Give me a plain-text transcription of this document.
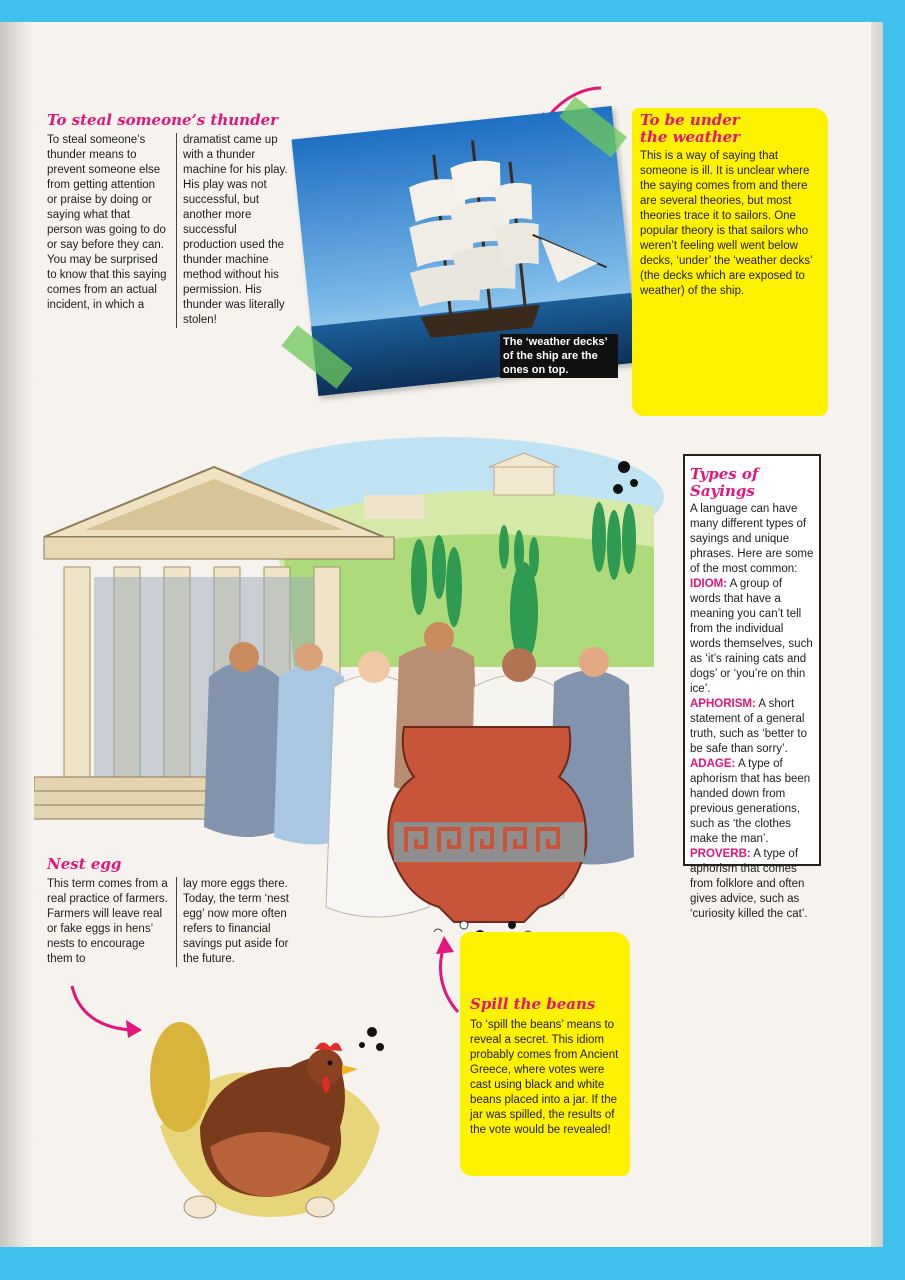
To steal someone’s thunder

To steal someone’s thunder means to prevent someone else from getting attention or praise by doing or saying what that person was going to do or say before they can. You may be surprised to know that this saying comes from an actual incident, in which a

dramatist came up with a thunder machine for his play. His play was not successful, but another more successful production used the thunder machine method without his permission. His thunder was literally stolen!

The ‘weather decks’ of the ship are the ones on top.
To be under
the weather

This is a way of saying that someone is ill. It is unclear where the saying comes from and there are several theories, but most theories trace it to sailors. One popular theory is that sailors who weren’t feeling well went below decks, ‘under’ the ‘weather decks’ (the decks which are exposed to weather) of the ship.

Types of
Sayings

A language can have many different types of sayings and unique phrases. Here are some of the most common:

IDIOM: A group of words that have a meaning you can’t tell from the individual words themselves, such as ‘it’s raining cats and dogs’ or ‘you’re on thin ice’.

APHORISM: A short statement of a general truth, such as ‘better to be safe than sorry’.

ADAGE: A type of aphorism that has been handed down from previous generations, such as ‘the clothes make the man’.

PROVERB: A type of aphorism that comes from folklore and often gives advice, such as ‘curiosity killed the cat’.

Nest egg

This term comes from a real practice of farmers. Farmers will leave real or fake eggs in hens’ nests to encourage them to

lay more eggs there. Today, the term ‘nest egg’ now more often refers to financial savings put aside for the future.

Spill the beans

To ‘spill the beans’ means to reveal a secret. This idiom probably comes from Ancient Greece, where votes were cast using black and white beans placed into a jar. If the jar was spilled, the results of the vote would be revealed!
